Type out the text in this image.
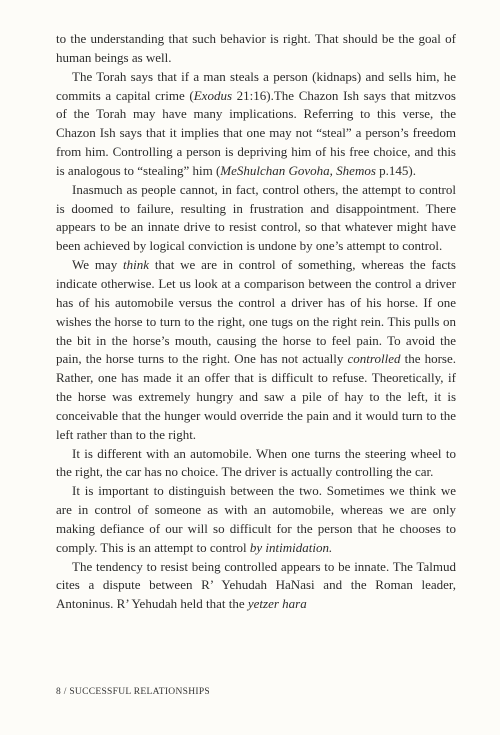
to the understanding that such behavior is right. That should be the goal of human beings as well.

The Torah says that if a man steals a person (kidnaps) and sells him, he commits a capital crime (Exodus 21:16).The Chazon Ish says that mitzvos of the Torah may have many implications. Referring to this verse, the Chazon Ish says that it implies that one may not “steal” a person’s freedom from him. Controlling a person is depriving him of his free choice, and this is analogous to “stealing” him (MeShulchan Govoha, Shemos p.145).

Inasmuch as people cannot, in fact, control others, the attempt to control is doomed to failure, resulting in frustration and disappointment. There appears to be an innate drive to resist control, so that whatever might have been achieved by logical conviction is undone by one’s attempt to control.

We may think that we are in control of something, whereas the facts indicate otherwise. Let us look at a comparison between the control a driver has of his automobile versus the control a driver has of his horse. If one wishes the horse to turn to the right, one tugs on the right rein. This pulls on the bit in the horse’s mouth, causing the horse to feel pain. To avoid the pain, the horse turns to the right. One has not actually controlled the horse. Rather, one has made it an offer that is difficult to refuse. Theoretically, if the horse was extremely hungry and saw a pile of hay to the left, it is conceivable that the hunger would override the pain and it would turn to the left rather than to the right.

It is different with an automobile. When one turns the steering wheel to the right, the car has no choice. The driver is actually controlling the car.

It is important to distinguish between the two. Sometimes we think we are in control of someone as with an automobile, whereas we are only making defiance of our will so difficult for the person that he chooses to comply. This is an attempt to control by intimidation.

The tendency to resist being controlled appears to be innate. The Talmud cites a dispute between R’ Yehudah HaNasi and the Roman leader, Antoninus. R’ Yehudah held that the yetzer hara

8 / SUCCESSFUL RELATIONSHIPS
